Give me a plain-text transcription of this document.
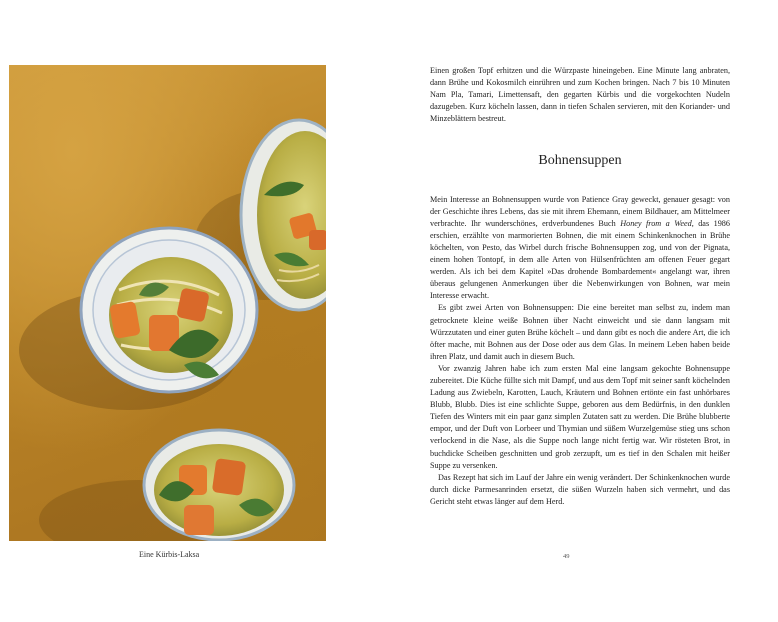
Eine Kürbis-Laksa

Einen großen Topf erhitzen und die Würzpaste hineingeben. Eine Minute lang anbraten, dann Brühe und Kokosmilch einrühren und zum Kochen bringen. Nach 7 bis 10 Minuten Nam Pla, Tamari, Limettensaft, den gegarten Kürbis und die vorgekochten Nudeln dazugeben. Kurz köcheln lassen, dann in tiefen Schalen servieren, mit den Koriander- und Minzeblättern bestreut.

Bohnensuppen

Mein Interesse an Bohnensuppen wurde von Patience Gray geweckt, genauer gesagt: von der Geschichte ihres Lebens, das sie mit ihrem Ehemann, einem Bildhauer, am Mittelmeer verbrachte. Ihr wunderschönes, erdverbundenes Buch Honey from a Weed, das 1986 erschien, erzählte von marmorierten Bohnen, die mit einem Schinkenknochen in Brühe köchelten, von Pesto, das Wirbel durch frische Bohnensuppen zog, und von der Pignata, einem hohen Tontopf, in dem alle Arten von Hülsenfrüchten am offenen Feuer gegart werden. Als ich bei dem Kapitel »Das drohende Bombardement« angelangt war, ihren überaus gelungenen Anmerkungen über die Nebenwirkungen von Bohnen, war mein Interesse erwacht.

Es gibt zwei Arten von Bohnensuppen: Die eine bereitet man selbst zu, indem man getrocknete kleine weiße Bohnen über Nacht einweicht und sie dann langsam mit Würzzutaten und einer guten Brühe köchelt – und dann gibt es noch die andere Art, die ich öfter mache, mit Bohnen aus der Dose oder aus dem Glas. In meinem Leben haben beide ihren Platz, und damit auch in diesem Buch.

Vor zwanzig Jahren habe ich zum ersten Mal eine langsam gekochte Bohnensuppe zubereitet. Die Küche füllte sich mit Dampf, und aus dem Topf mit seiner sanft köchelnden Ladung aus Zwiebeln, Karotten, Lauch, Kräutern und Bohnen ertönte ein fast unhörbares Blubb, Blubb. Dies ist eine schlichte Suppe, geboren aus dem Bedürfnis, in den dunklen Tiefen des Winters mit ein paar ganz simplen Zutaten satt zu werden. Die Brühe blubberte empor, und der Duft von Lorbeer und Thymian und süßem Wurzelgemüse stieg uns schon verlockend in die Nase, als die Suppe noch lange nicht fertig war. Wir rösteten Brot, in buchdicke Scheiben geschnitten und grob zerzupft, um es tief in den Schalen mit heißer Suppe zu versenken.

Das Rezept hat sich im Lauf der Jahre ein wenig verändert. Der Schinkenknochen wurde durch dicke Parmesanrinden ersetzt, die süßen Wurzeln haben sich vermehrt, und das Gericht steht etwas länger auf dem Herd.

49
